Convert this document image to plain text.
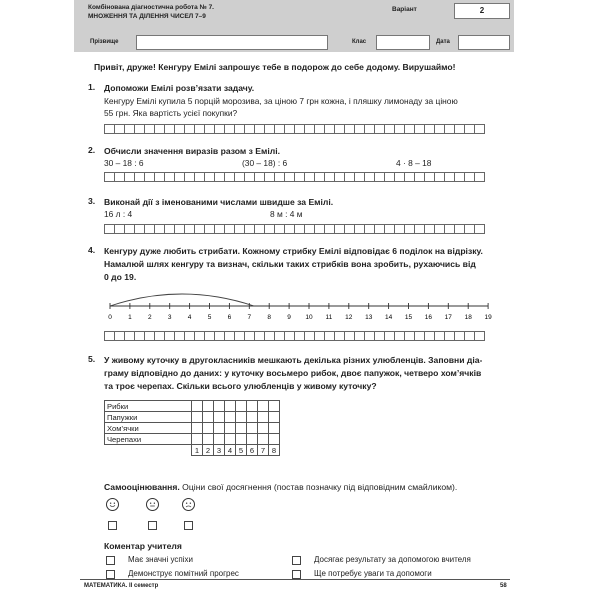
Комбінована діагностична робота № 7.
МНОЖЕННЯ ТА ДІЛЕННЯ ЧИСЕЛ 7–9
Варіант	2
Прізвище	Клас	Дата
Привіт, друже! Кенгуру Емілі запрошує тебе в подорож до себе додому. Вирушаймо!
1. Допоможи Емілі розв’язати задачу.
Кенгуру Емілі купила 5 порцій морозива, за ціною 7 грн кожна, і пляшку лимонаду за ціною
55 грн. Яка вартість усієї покупки?
2. Обчисли значення виразів разом з Емілі.
30 – 18 : 6	(30 – 18) : 6	4 · 8 – 18
3. Виконай дії з іменованими числами швидше за Емілі.
16 л : 4	8 м : 4 м
4. Кенгуру дуже любить стрибати. Кожному стрибку Емілі відповідає 6 поділок на відрізку.
Намалюй шлях кенгуру та визнач, скільки таких стрибків вона зробить, рухаючись від
0 до 19.
0	1	2	3	4	5	6	7	8	9 10 11 12 13 14 15 16 17 18 19
5. У живому куточку в другокласників мешкають декілька різних улюбленців. Заповни діа-
граму відповідно до даних: у куточку восьмеро рибок, двоє папужок, четверо хом’ячків
та троє черепах. Скільки всього улюбленців у живому куточку?
Рибки								
Папужки								
Хом’ячки								
Черепахи								
	1	2	3	4	5	6	7	8
Самооцінювання. Оціни свої досягнення (постав позначку під відповідним смайликом).
Коментар учителя
Має значні успіхи
Демонструє помітний прогрес
Досягає результату за допомогою вчителя
Ще потребує уваги та допомоги
МАТЕМАТИКА. II семестр	58
